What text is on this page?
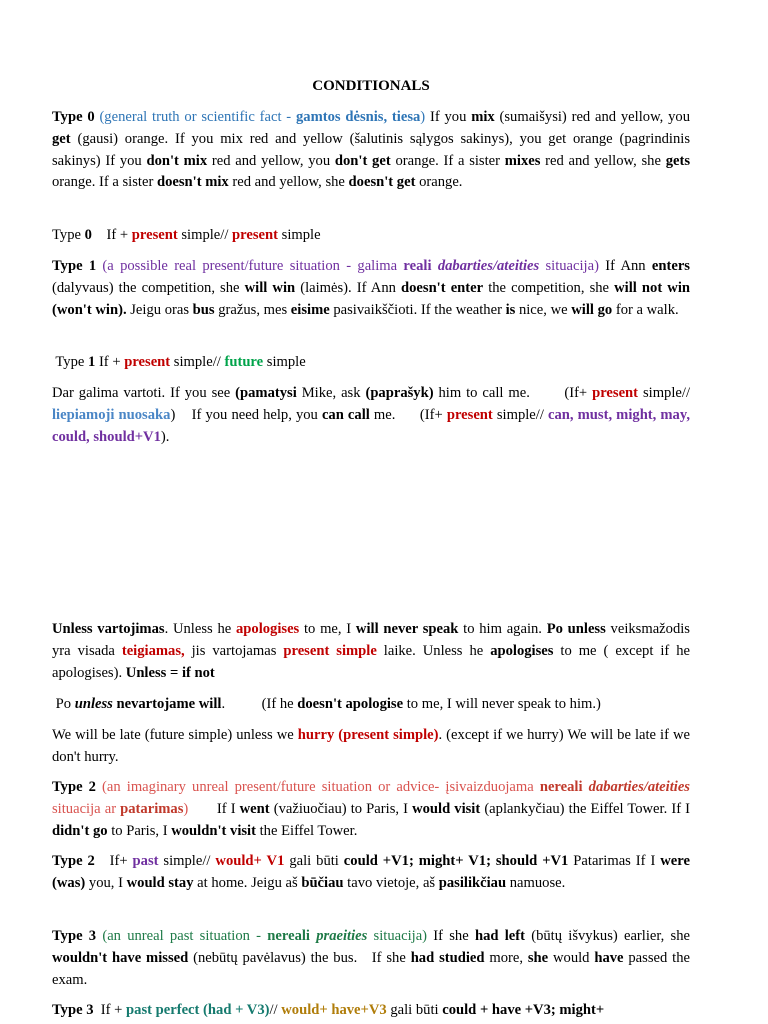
CONDITIONALS
Type 0 (general truth or scientific fact - gamtos dėsnis, tiesa) If you mix (sumaišysi) red and yellow, you get (gausi) orange. If you mix red and yellow (šalutinis sąlygos sakinys), you get orange (pagrindinis sakinys) If you don't mix red and yellow, you don't get orange. If a sister mixes red and yellow, she gets orange. If a sister doesn't mix red and yellow, she doesn't get orange.
Type 0    If + present simple// present simple
Type 1 (a possible real present/future situation - galima reali dabarties/ateities situacija) If Ann enters (dalyvaus) the competition, she will win (laimės). If Ann doesn't enter the competition, she will not win (won't win). Jeigu oras bus gražus, mes eisime pasivaikščioti. If the weather is nice, we will go for a walk.
Type 1 If + present simple// future simple
Dar galima vartoti. If you see (pamatysi Mike, ask (paprašyk) him to call me.       (If+ present simple// liepiamoji nuosaka)    If you need help, you can call me.      (If+ present simple// can, must, might, may, could, should+V1).
Unless vartojimas. Unless he apologises to me, I will never speak to him again. Po unless veiksmažodis yra visada teigiamas, jis vartojamas present simple laike. Unless he apologises to me ( except if he apologises). Unless = if not
Po unless nevartojame will.          (If he doesn't apologise to me, I will never speak to him.)
We will be late (future simple) unless we hurry (present simple). (except if we hurry) We will be late if we don't hurry.
Type 2 (an imaginary unreal present/future situation or advice- įsivaizduojama nereali dabarties/ateities situacija ar patarimas)       If I went (važiuočiau) to Paris, I would visit (aplankyčiau) the Eiffel Tower. If I didn't go to Paris, I wouldn't visit the Eiffel Tower.
Type 2   If+ past simple// would+ V1 gali būti could +V1; might+ V1; should +V1 Patarimas If I were (was) you, I would stay at home. Jeigu aš būčiau tavo vietoje, aš pasilikčiau namuose.
Type 3 (an unreal past situation - nereali praeities situacija) If she had left (būtų išvykus) earlier, she wouldn't have missed (nebūtų pavėlavus) the bus.   If she had studied more, she would have passed the exam.
Type 3  If + past perfect (had + V3)// would+ have+V3 gali būti could + have +V3; might+
